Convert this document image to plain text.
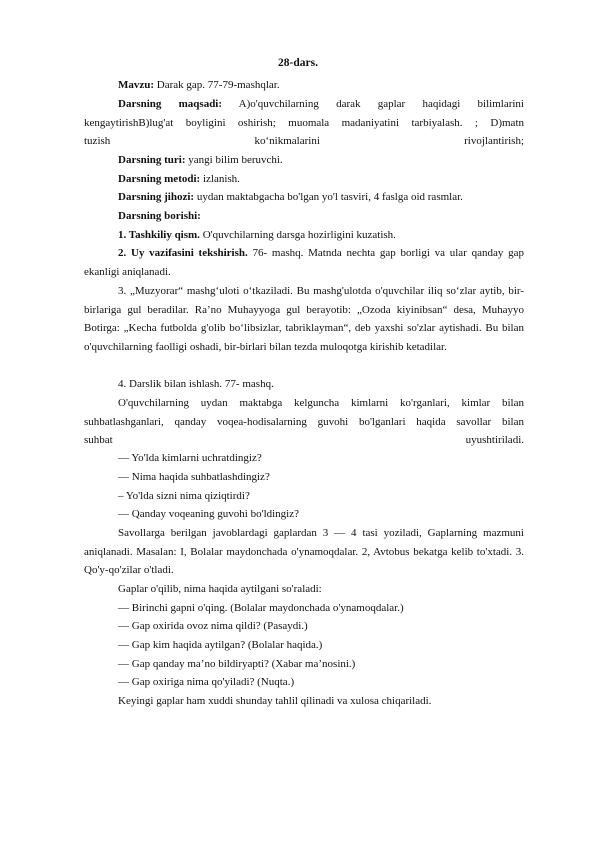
28-dars.

Mavzu: Darak gap. 77-79-mashqlar.

Darsning maqsadi: A)o'quvchilarning darak gaplar haqidagi bilimlarini kengaytirishB)lug'at boyligini oshirish; muomala madaniyatini tarbiyalash. ; D)matn tuzish ko‘nikmalarini rivojlantirish;

Darsning turi: yangi bilim beruvchi.

Darsning metodi: izlanish.

Darsning jihozi: uydan maktabgacha bo'lgan yo'l tasviri, 4 faslga oid rasmlar.

Darsning borishi:

1. Tashkiliy qism. O'quvchilarning darsga hozirligini kuzatish.

2. Uy vazifasini tekshirish. 76- mashq. Matnda nechta gap borligi va ular qanday gap ekanligi aniqlanadi.

3. „Muzyorar“ mashg‘uloti o‘tkaziladi. Bu mashg'ulotda o'quvchilar iliq so‘zlar aytib, bir-birlariga gul beradilar. Ra’no Muhayyoga gul berayotib: „Ozoda kiyinibsan“ desa, Muhayyo Botirga: „Kecha futbolda g'olib bo‘libsizlar, tabriklayman“, deb yaxshi so'zlar aytishadi. Bu bilan o'quvchilarning faolligi oshadi, bir-birlari bilan tezda muloqotga kirishib ketadilar.

4. Darslik bilan ishlash. 77- mashq.

O'quvchilarning uydan maktabga kelguncha kimlarni ko'rganlari, kimlar bilan suhbatlashganlari, qanday voqea-hodisalarning guvohi bo'lganlari haqida savollar bilan suhbat uyushtiriladi.

— Yo'lda kimlarni uchratdingiz?
— Nima haqida suhbatlashdingiz?
– Yo'lda sizni nima qiziqtirdi?
— Qanday voqeaning guvohi bo'ldingiz?

Savollarga berilgan javoblardagi gaplardan 3 — 4 tasi yoziladi, Gaplarning mazmuni aniqlanadi. Masalan: I, Bolalar maydonchada o'ynamoqdalar. 2, Avtobus bekatga kelib to'xtadi. 3. Qo'y-qo'zilar o'tladi.

Gaplar o'qilib, nima haqida aytilgani so'raladi:
— Birinchi gapni o'qing. (Bolalar maydonchada o'ynamoqdalar.)
— Gap oxirida ovoz nima qildi? (Pasaydi.)
— Gap kim haqida aytilgan? (Bolalar haqida.)
— Gap qanday ma’no bildiryapti? (Xabar ma’nosini.)
— Gap oxiriga nima qo'yiladi? (Nuqta.)
Keyingi gaplar ham xuddi shunday tahlil qilinadi va xulosa chiqariladi.
